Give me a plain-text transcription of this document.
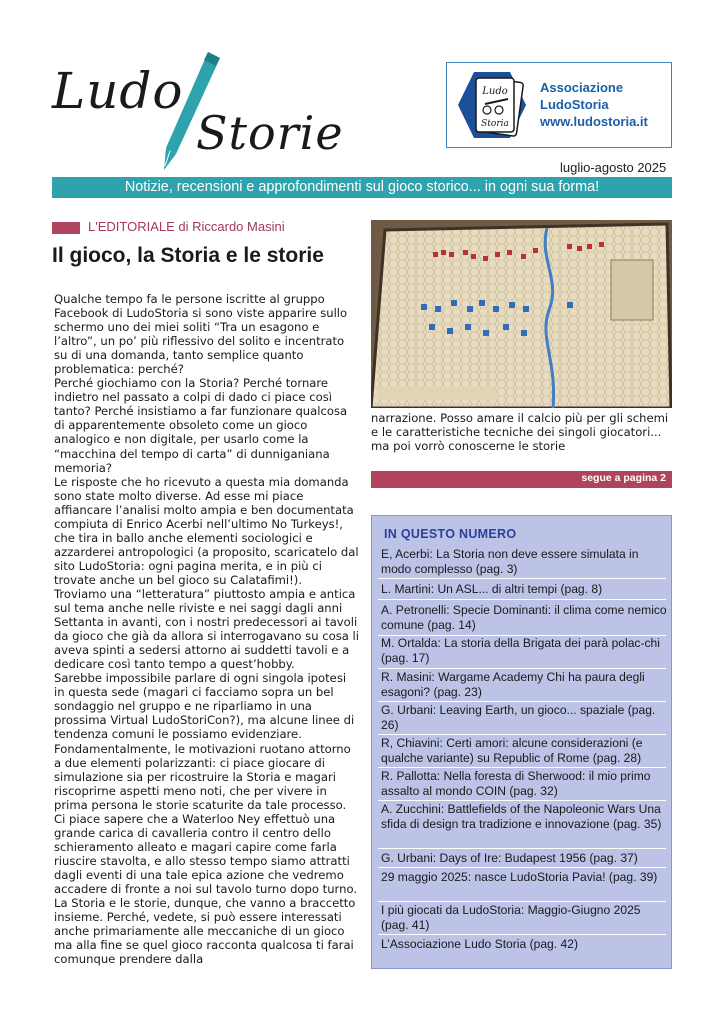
Ludo
Storie
Ludo
Storia
Associazione
LudoStoria
www.ludostoria.it
luglio-agosto 2025
Notizie, recensioni e approfondimenti sul gioco storico... in ogni sua forma!
L'EDITORIALE di Riccardo Masini
Il gioco, la Storia e le storie

Qualche tempo fa le persone iscritte al gruppo Facebook di LudoStoria si sono viste apparire sullo schermo uno dei miei soliti “Tra un esagono e l’altro”, un po’ più riflessivo del solito e incentrato su di una domanda, tanto semplice quanto problematica: perché?

Perché giochiamo con la Storia? Perché tornare indietro nel passato a colpi di dado ci piace così tanto? Perché insistiamo a far funzionare qualcosa di apparentemente obsoleto come un gioco analogico e non digitale, per usarlo come la “macchina del tempo di carta” di dunniganiana memoria?

Le risposte che ho ricevuto a questa mia domanda sono state molto diverse. Ad esse mi piace affiancare l’analisi molto ampia e ben documentata compiuta di Enrico Acerbi nell’ultimo No Turkeys!, che tira in ballo anche elementi sociologici e azzarderei antropologici (a proposito, scaricatelo dal sito LudoStoria: ogni pagina merita, e in più ci trovate anche un bel gioco su Calatafimi!).

Troviamo una “letteratura” piuttosto ampia e antica sul tema anche nelle riviste e nei saggi dagli anni Settanta in avanti, con i nostri predecessori ai tavoli da gioco che già da allora si interrogavano su cosa li aveva spinti a sedersi attorno ai suddetti tavoli e a dedicare così tanto tempo a quest’hobby.

Sarebbe impossibile parlare di ogni singola ipotesi in questa sede (magari ci facciamo sopra un bel sondaggio nel gruppo e ne riparliamo in una prossima Virtual LudoStoriCon?), ma alcune linee di tendenza comuni le possiamo evidenziare.

Fondamentalmente, le motivazioni ruotano attorno a due elementi polarizzanti: ci piace giocare di simulazione sia per ricostruire la Storia e magari riscoprirne aspetti meno noti, che per vivere in prima persona le storie scaturite da tale processo. Ci piace sapere che a Waterloo Ney effettuò una grande carica di cavalleria contro il centro dello schieramento alleato e magari capire come farla riuscire stavolta, e allo stesso tempo siamo attratti dagli eventi di una tale epica azione che vedremo accadere di fronte a noi sul tavolo turno dopo turno.

La Storia e le storie, dunque, che vanno a braccetto insieme. Perché, vedete, si può essere interessati anche primariamente alle meccaniche di un gioco ma alla fine se quel gioco racconta qualcosa ti farai comunque prendere dalla

narrazione. Posso amare il calcio più per gli schemi e le caratteristiche tecniche dei singoli giocatori... ma poi vorrò conoscerne le storie
segue a pagina 2
IN QUESTO NUMERO
E, Acerbi: La Storia non deve essere simulata in modo complesso (pag. 3)
L. Martini: Un ASL... di altri tempi (pag. 8)
A. Petronelli: Specie Dominanti: il clima come nemico comune (pag. 14)
M. Ortalda: La storia della Brigata dei parà polac-chi (pag. 17)
R. Masini: Wargame Academy Chi ha paura degli esagoni? (pag. 23)
G. Urbani: Leaving Earth, un gioco... spaziale (pag. 26)
R, Chiavini: Certi amori: alcune considerazioni (e qualche variante) su Republic of Rome (pag. 28)
R. Pallotta: Nella foresta di Sherwood: il mio primo assalto al mondo COIN (pag. 32)
A. Zucchini: Battlefields of the Napoleonic Wars Una sfida di design tra tradizione e innovazione (pag. 35)
G. Urbani: Days of Ire: Budapest 1956 (pag. 37)
29 maggio 2025: nasce LudoStoria Pavia! (pag. 39)
I più giocati da LudoStoria: Maggio-Giugno 2025 (pag. 41)
L’Associazione Ludo Storia (pag. 42)
